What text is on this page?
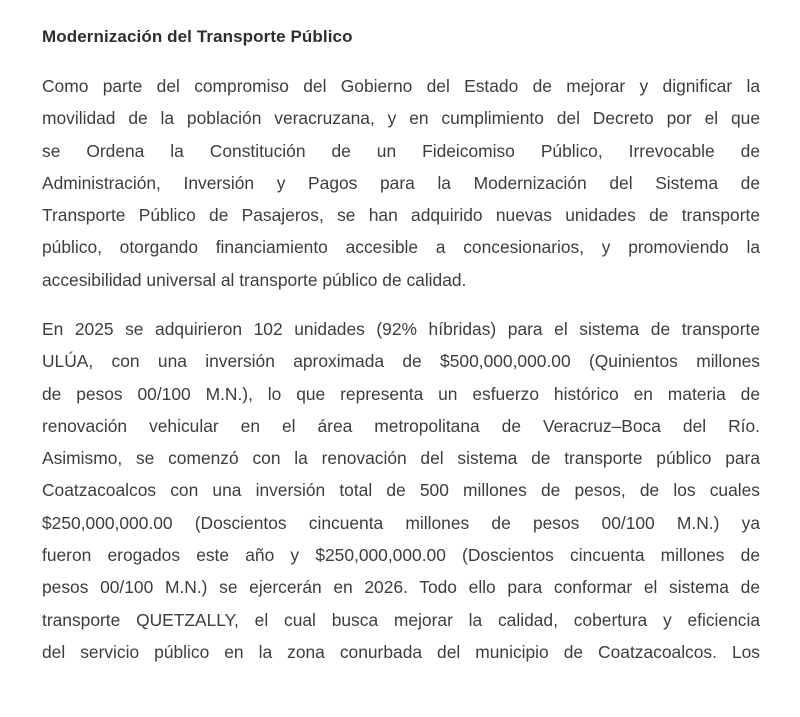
Modernización del Transporte Público
Como parte del compromiso del Gobierno del Estado de mejorar y dignificar la
movilidad de la población veracruzana, y en cumplimiento del Decreto por el que
se Ordena la Constitución de un Fideicomiso Público, Irrevocable de
Administración, Inversión y Pagos para la Modernización del Sistema de
Transporte Público de Pasajeros, se han adquirido nuevas unidades de transporte
público, otorgando financiamiento accesible a concesionarios, y promoviendo la
accesibilidad universal al transporte público de calidad.
En 2025 se adquirieron 102 unidades (92% híbridas) para el sistema de transporte
ULÚA, con una inversión aproximada de $500,000,000.00 (Quinientos millones
de pesos 00/100 M.N.), lo que representa un esfuerzo histórico en materia de
renovación vehicular en el área metropolitana de Veracruz–Boca del Río.
Asimismo, se comenzó con la renovación del sistema de transporte público para
Coatzacoalcos con una inversión total de 500 millones de pesos, de los cuales
$250,000,000.00 (Doscientos cincuenta millones de pesos 00/100 M.N.) ya
fueron erogados este año y $250,000,000.00 (Doscientos cincuenta millones de
pesos 00/100 M.N.) se ejercerán en 2026. Todo ello para conformar el sistema de
transporte QUETZALLY, el cual busca mejorar la calidad, cobertura y eficiencia
del servicio público en la zona conurbada del municipio de Coatzacoalcos. Los
